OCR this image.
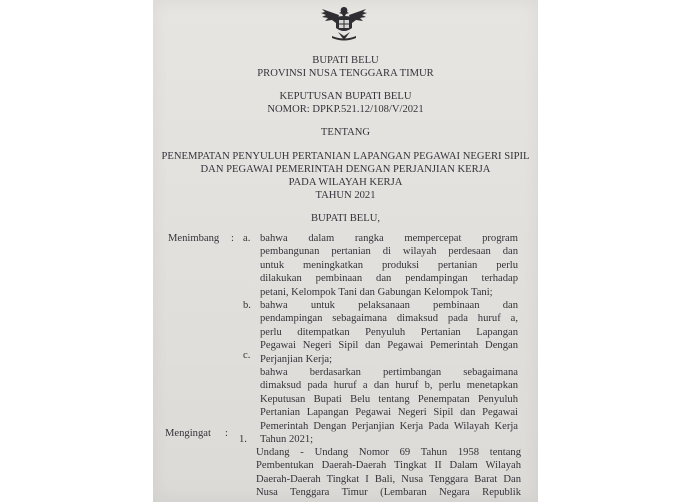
BUPATI BELU
PROVINSI NUSA TENGGARA TIMUR
KEPUTUSAN BUPATI BELU
NOMOR: DPKP.521.12/108/V/2021
TENTANG
PENEMPATAN PENYULUH PERTANIAN LAPANGAN PEGAWAI NEGERI SIPIL
DAN PEGAWAI PEMERINTAH DENGAN PERJANJIAN KERJA
PADA WILAYAH KERJA
TAHUN 2021
BUPATI BELU,
Menimbang : a. bahwa dalam rangka mempercepat program
pembangunan pertanian di wilayah perdesaan dan
untuk meningkatkan produksi pertanian perlu
dilakukan pembinaan dan pendampingan terhadap
petani, Kelompok Tani dan Gabungan Kelompok Tani;
b. bahwa untuk pelaksanaan pembinaan dan
pendampingan sebagaimana dimaksud pada huruf a,
perlu ditempatkan Penyuluh Pertanian Lapangan
Pegawai Negeri Sipil dan Pegawai Pemerintah Dengan
Perjanjian Kerja;
c.
bahwa berdasarkan pertimbangan sebagaimana
dimaksud pada huruf a dan huruf b, perlu menetapkan
Keputusan Bupati Belu tentang Penempatan Penyuluh
Pertanian Lapangan Pegawai Negeri Sipil dan Pegawai
Pemerintah Dengan Perjanjian Kerja Pada Wilayah Kerja
Tahun 2021;
Mengingat :
1.
Undang - Undang Nomor 69 Tahun 1958 tentang
Pembentukan Daerah-Daerah Tingkat II Dalam Wilayah
Daerah-Daerah Tingkat I Bali, Nusa Tenggara Barat Dan
Nusa Tenggara Timur (Lembaran Negara Republik
